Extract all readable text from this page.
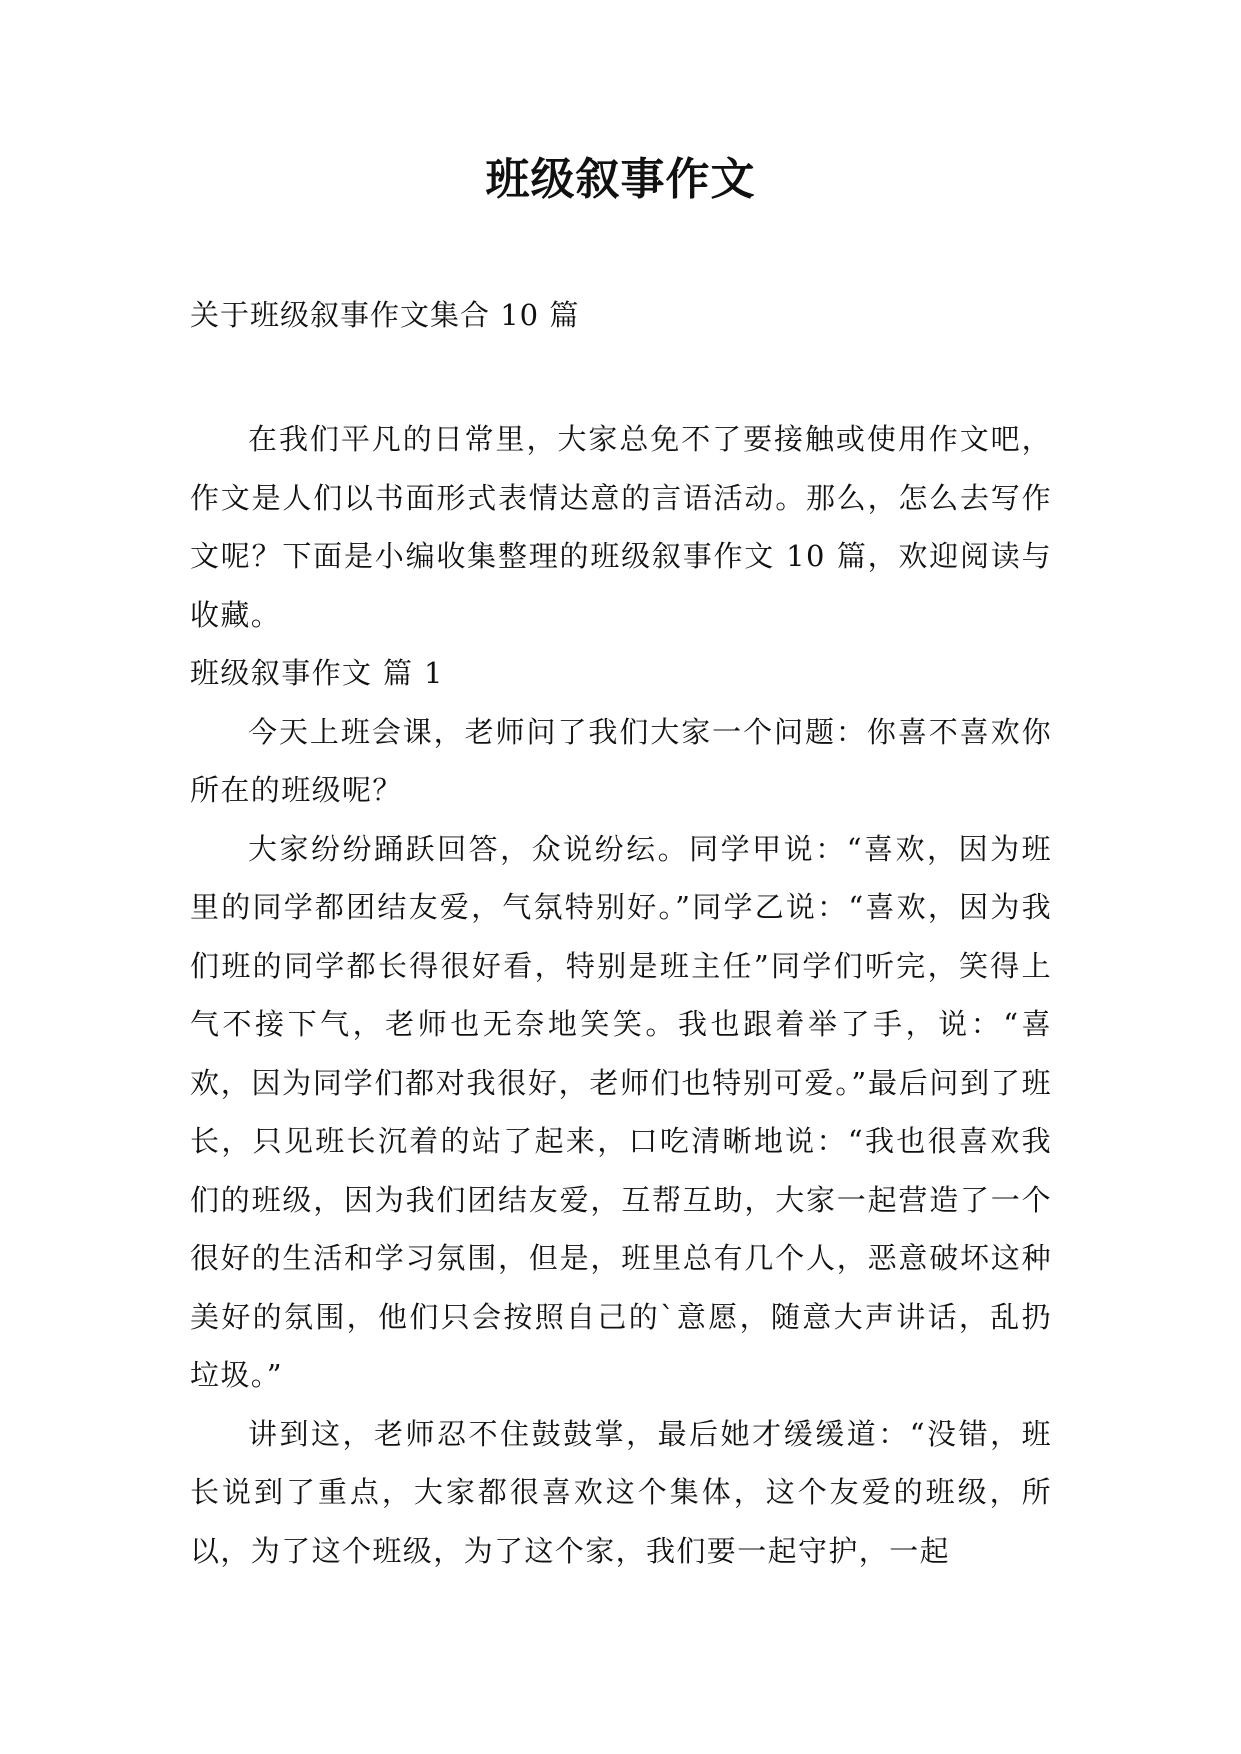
班级叙事作文
关于班级叙事作文集合 10 篇

在我们平凡的日常里，大家总免不了要接触或使用作文吧，作文是人们以书面形式表情达意的言语活动。那么，怎么去写作文呢？下面是小编收集整理的班级叙事作文 10 篇，欢迎阅读与收藏。

班级叙事作文 篇 1

今天上班会课，老师问了我们大家一个问题：你喜不喜欢你所在的班级呢？

大家纷纷踊跃回答，众说纷纭。同学甲说：“喜欢，因为班里的同学都团结友爱，气氛特别好。”同学乙说：“喜欢，因为我们班的同学都长得很好看，特别是班主任”同学们听完，笑得上气不接下气，老师也无奈地笑笑。我也跟着举了手，说：“喜欢，因为同学们都对我很好，老师们也特别可爱。”最后问到了班长，只见班长沉着的站了起来，口吃清晰地说：“我也很喜欢我们的班级，因为我们团结友爱，互帮互助，大家一起营造了一个很好的生活和学习氛围，但是，班里总有几个人，恶意破坏这种美好的氛围，他们只会按照自己的`意愿，随意大声讲话，乱扔垃圾。”

讲到这，老师忍不住鼓鼓掌，最后她才缓缓道：“没错，班长说到了重点，大家都很喜欢这个集体，这个友爱的班级，所以，为了这个班级，为了这个家，我们要一起守护，一起
